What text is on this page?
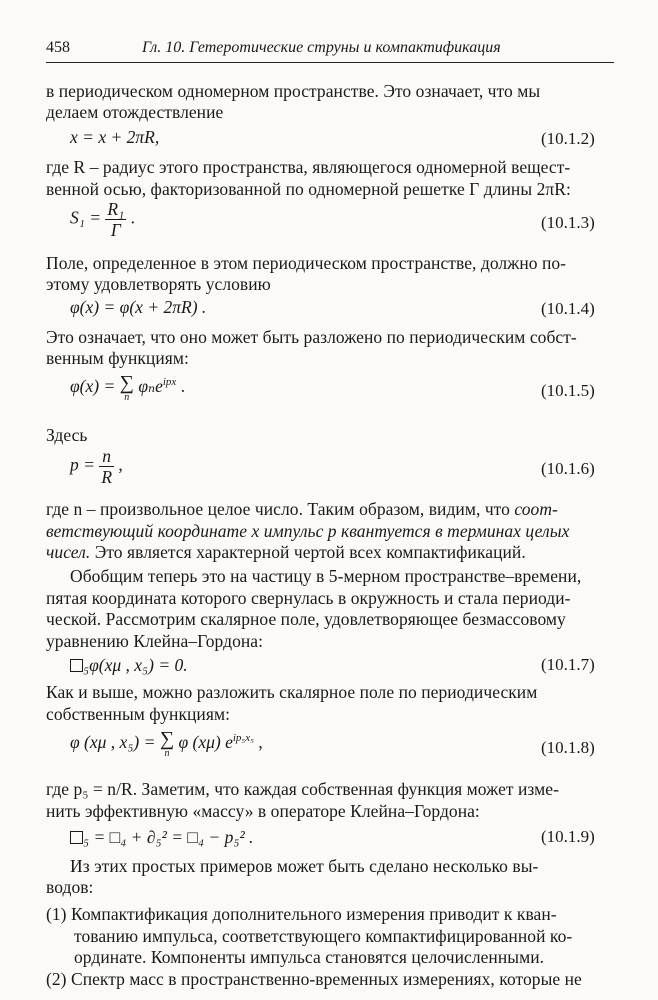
458	Гл. 10. Гетеротические струны и компактификация
в периодическом одномерном пространстве. Это означает, что мы
делаем отождествление
x = x + 2πR,	(10.1.2)
где R – радиус этого пространства, являющегося одномерной вещест-
венной осью, факторизованной по одномерной решетке Γ длины 2πR:
$S_1 = \frac{\text{R₁}}{\Gamma}$ .	(10.1.3)
Поле, определенное в этом периодическом пространстве, должно по-
этому удовлетворять условию
φ(x) = φ(x + 2πR) .	(10.1.4)
Это означает, что оно может быть разложено по периодическим собст-
венным функциям:
φ(x) = ∑
n
φₙe$^{ipx}$ .	(10.1.5)
Здесь
$p = \frac{n}{R}$ ,	(10.1.6)
где n – произвольное целое число. Таким образом, видим, что соот-
ветствующий координате x импульс p квантуется в терминах целых
чисел. Это является характерной чертой всех компактификаций.
Обобщим теперь это на частицу в 5-мерном пространстве–времени,
пятая координата которого свернулась в окружность и стала периоди-
ческой. Рассмотрим скалярное поле, удовлетворяющее безмассовому
уравнению Клейна–Гордона:
₅φ(xμ , x₅) = 0.	(10.1.7)
Как и выше, можно разложить скалярное поле по периодическим
собственным функциям:
φ (xμ , x₅) = ∑
n
φ (xμ) $e^{ip_5x_5}$ ,	(10.1.8)
где p₅ = n/R. Заметим, что каждая собственная функция может изме-
нить эффективную «массу» в операторе Клейна–Гордона:
₅ = □₄ + ∂₅² = □₄ − p₅² .	(10.1.9)
Из этих простых примеров может быть сделано несколько вы-
водов:
(1) Компактификация дополнительного измерения приводит к кван-
тованию импульса, соответствующего компактифицированной ко-
ординате. Компоненты импульса становятся целочисленными.
(2) Спектр масс в пространственно-временных измерениях, которые не
